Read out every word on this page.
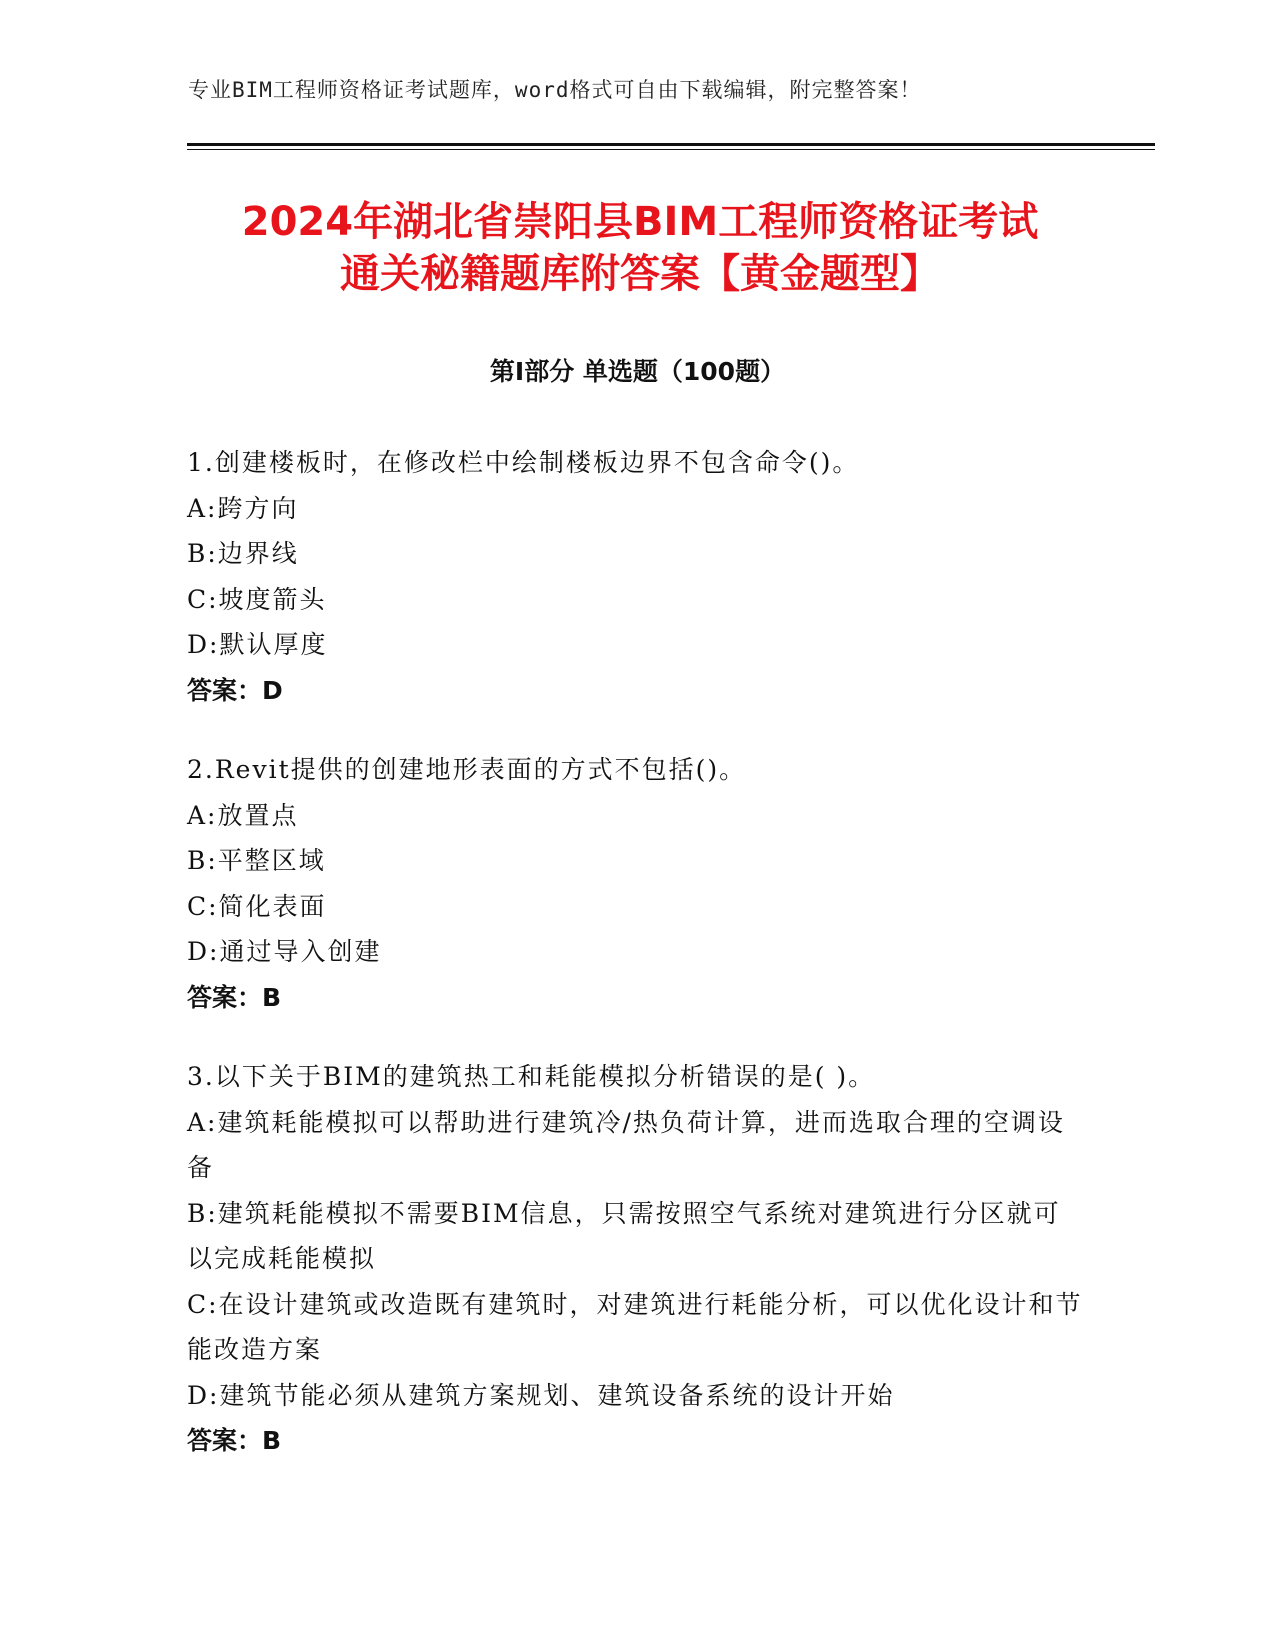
专业BIM工程师资格证考试题库，word格式可自由下载编辑，附完整答案！
2024年湖北省崇阳县BIM工程师资格证考试
通关秘籍题库附答案【黄金题型】
第Ⅰ部分 单选题（100题）

1.创建楼板时，在修改栏中绘制楼板边界不包含命令()。

A:跨方向

B:边界线

C:坡度箭头

D:默认厚度

答案：D

2.Revit提供的创建地形表面的方式不包括()。

A:放置点

B:平整区域

C:简化表面

D:通过导入创建

答案：B

3.以下关于BIM的建筑热工和耗能模拟分析错误的是( )。

A:建筑耗能模拟可以帮助进行建筑冷/热负荷计算，进而选取合理的空调设备

B:建筑耗能模拟不需要BIM信息，只需按照空气系统对建筑进行分区就可以完成耗能模拟

C:在设计建筑或改造既有建筑时，对建筑进行耗能分析，可以优化设计和节能改造方案

D:建筑节能必须从建筑方案规划、建筑设备系统的设计开始

答案：B
